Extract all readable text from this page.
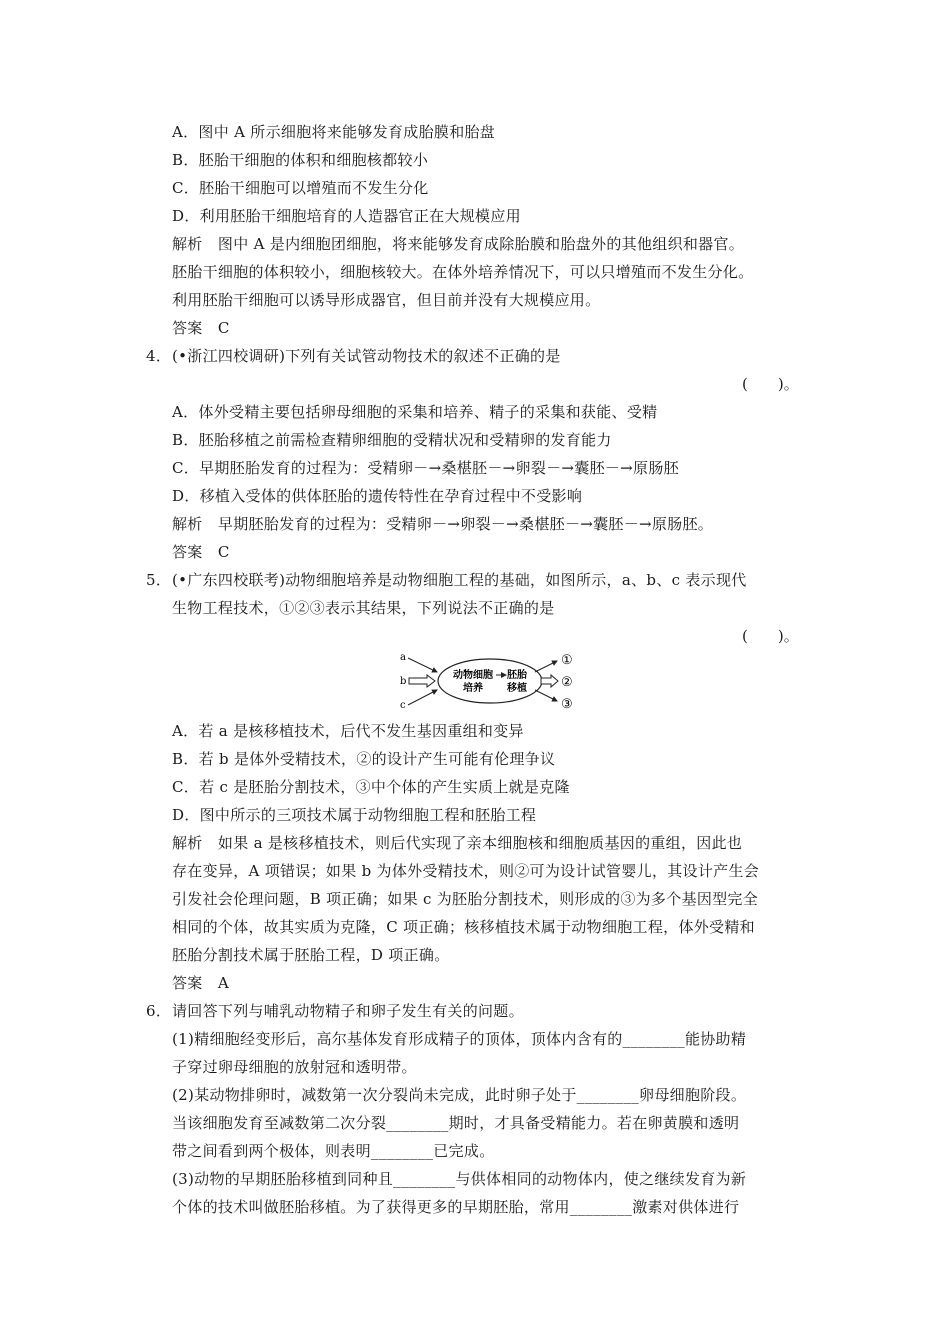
A．图中 A 所示细胞将来能够发育成胎膜和胎盘
B．胚胎干细胞的体积和细胞核都较小
C．胚胎干细胞可以增殖而不发生分化
D．利用胚胎干细胞培育的人造器官正在大规模应用
解析　图中 A 是内细胞团细胞，将来能够发育成除胎膜和胎盘外的其他组织和器官。
胚胎干细胞的体积较小，细胞核较大。在体外培养情况下，可以只增殖而不发生分化。
利用胚胎干细胞可以诱导形成器官，但目前并没有大规模应用。
答案　C
4． (•浙江四校调研)下列有关试管动物技术的叙述不正确的是
(　　)。
A．体外受精主要包括卵母细胞的采集和培养、精子的采集和获能、受精
B．胚胎移植之前需检查精卵细胞的受精状况和受精卵的发育能力
C．早期胚胎发育的过程为：受精卵－→桑椹胚－→卵裂－→囊胚－→原肠胚
D．移植入受体的供体胚胎的遗传特性在孕育过程中不受影响
解析　早期胚胎发育的过程为：受精卵－→卵裂－→桑椹胚－→囊胚－→原肠胚。
答案　C
5． (•广东四校联考)动物细胞培养是动物细胞工程的基础，如图所示，a、b、c 表示现代
生物工程技术，①②③表示其结果，下列说法不正确的是
(　　)。
a
b
c
动物细胞
培养
胚胎
移植
①
②
③
A．若 a 是核移植技术，后代不发生基因重组和变异
B．若 b 是体外受精技术，②的设计产生可能有伦理争议
C．若 c 是胚胎分割技术，③中个体的产生实质上就是克隆
D．图中所示的三项技术属于动物细胞工程和胚胎工程
解析　如果 a 是核移植技术，则后代实现了亲本细胞核和细胞质基因的重组，因此也
存在变异，A 项错误；如果 b 为体外受精技术，则②可为设计试管婴儿，其设计产生会
引发社会伦理问题，B 项正确；如果 c 为胚胎分割技术，则形成的③为多个基因型完全
相同的个体，故其实质为克隆，C 项正确；核移植技术属于动物细胞工程，体外受精和
胚胎分割技术属于胚胎工程，D 项正确。
答案　A
6． 请回答下列与哺乳动物精子和卵子发生有关的问题。
(1)精细胞经变形后，高尔基体发育形成精子的顶体，顶体内含有的________能协助精
子穿过卵母细胞的放射冠和透明带。
(2)某动物排卵时，减数第一次分裂尚未完成，此时卵子处于________卵母细胞阶段。
当该细胞发育至减数第二次分裂________期时，才具备受精能力。若在卵黄膜和透明
带之间看到两个极体，则表明________已完成。
(3)动物的早期胚胎移植到同种且________与供体相同的动物体内，使之继续发育为新
个体的技术叫做胚胎移植。为了获得更多的早期胚胎，常用________激素对供体进行
